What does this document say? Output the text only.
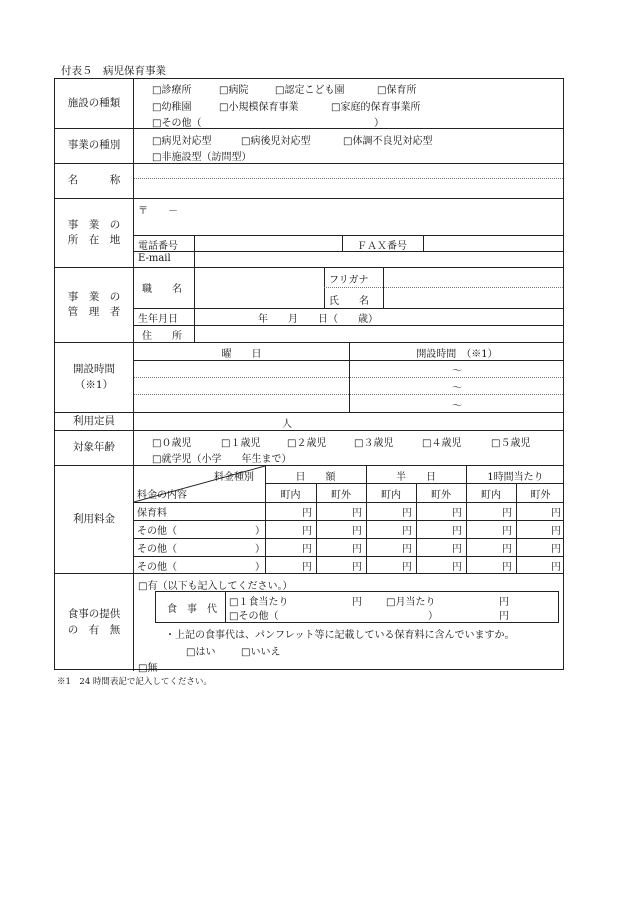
付表５　病児保育事業
施設の種類
□診療所	□病院	□認定こども園	□保育所
□幼稚園	□小規模保育事業	□家庭的保育事業所
□その他（	）
事業の種別	□病児対応型	□病後児対応型	□体調不良児対応型
□非施設型（訪問型）
名　　　称
事　業　の
所　在　地
〒　　－
電話番号	ＦＡＸ番号
E-mail
事　業　の
管　理　者
職　　名
フリガナ
氏　　名
生年月日	年　　月　　日（　　歳）
住　　所
開設時間
（※1）
曜　　日	開設時間　（※1）
～
～
～
利用定員	人
対象年齢	□０歳児	□１歳児	□２歳児	□３歳児	□４歳児	□５歳児
□就学児（小学　　年生まで）
利用料金
料金種別
料金の内容
日　　額	半　　日	1時間当たり
町内	町外	町内	町外	町内	町外
保育料	円	円	円	円	円	円
その他（	）	円	円	円	円	円	円
その他（	）	円	円	円	円	円	円
その他（	）	円	円	円	円	円	円
食事の提供
の　有　無
□有（以下も記入してください。）
食　事　代
□１食当たり	円 □月当たり	円
□その他（	）	円
・上記の食事代は、パンフレット等に記載している保育料に含んでいますか。
□はい	□いいえ
□無
※1　24 時間表記で記入してください。
